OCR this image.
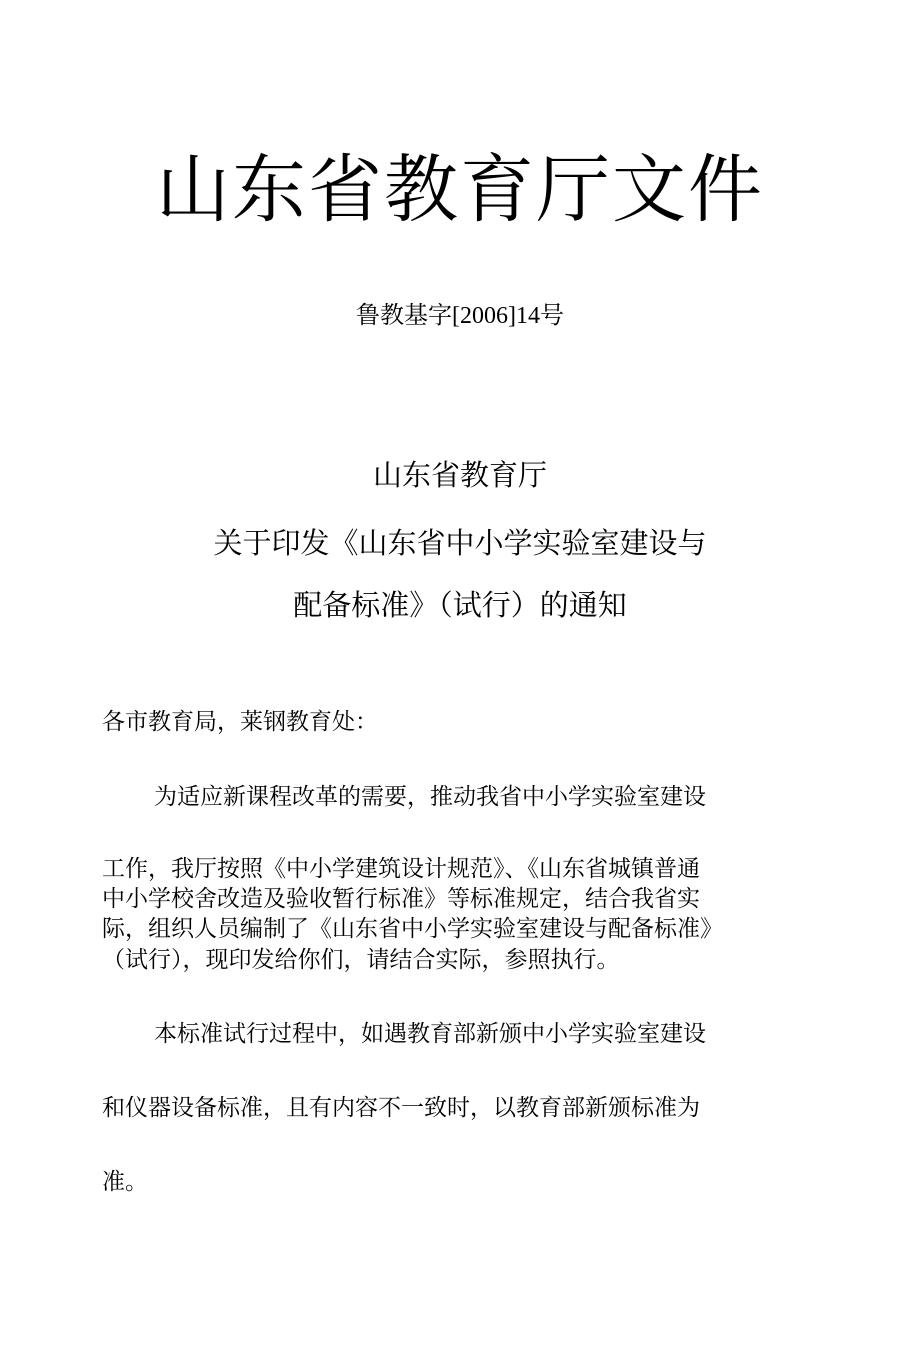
山东省教育厅文件
鲁教基字[2006]14号
山东省教育厅
关于印发《山东省中小学实验室建设与
配备标准》（试行）的通知
各市教育局，莱钢教育处：
为适应新课程改革的需要，推动我省中小学实验室建设
工作，我厅按照《中小学建筑设计规范》、《山东省城镇普通
中小学校舍改造及验收暂行标准》等标准规定，结合我省实
际，组织人员编制了《山东省中小学实验室建设与配备标准》
（试行），现印发给你们，请结合实际，参照执行。
本标准试行过程中，如遇教育部新颁中小学实验室建设
和仪器设备标准，且有内容不一致时，以教育部新颁标准为
准。
